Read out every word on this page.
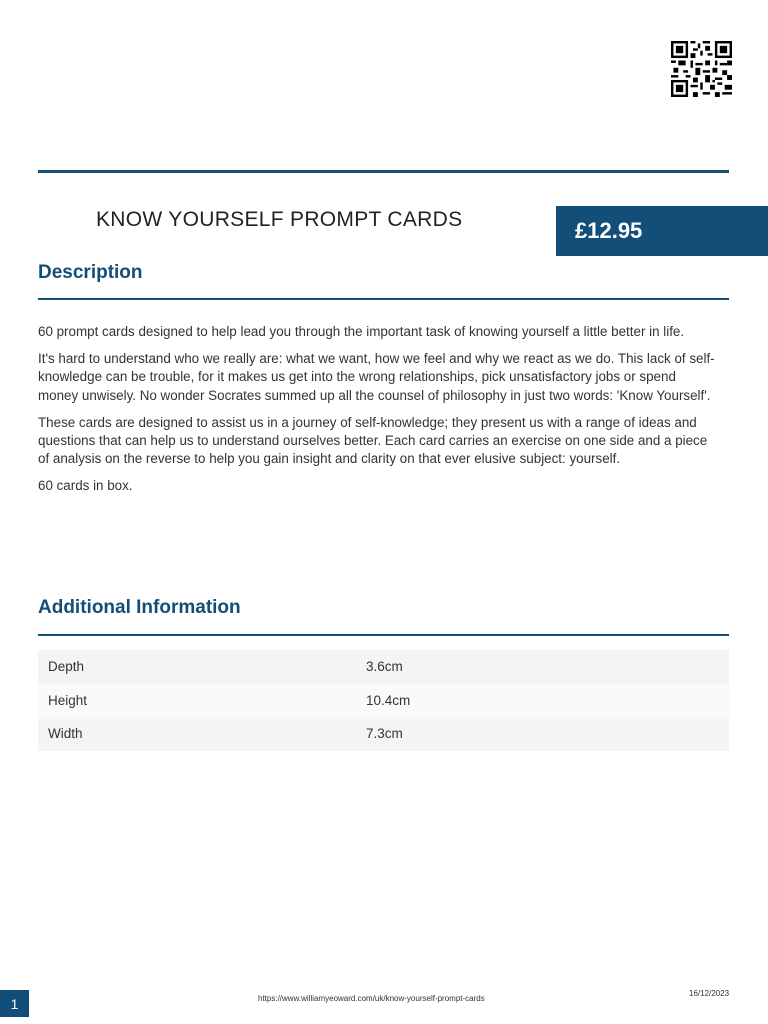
KNOW YOURSELF PROMPT CARDS	£12.95
Description

60 prompt cards designed to help lead you through the important task of knowing yourself a little better in life.

It's hard to understand who we really are: what we want, how we feel and why we react as we do. This lack of self-knowledge can be trouble, for it makes us get into the wrong relationships, pick unsatisfactory jobs or spend money unwisely. No wonder Socrates summed up all the counsel of philosophy in just two words: 'Know Yourself'.

These cards are designed to assist us in a journey of self-knowledge; they present us with a range of ideas and questions that can help us to understand ourselves better. Each card carries an exercise on one side and a piece of analysis on the reverse to help you gain insight and clarity on that ever elusive subject: yourself.

60 cards in box.

Additional Information
Depth	3.6cm
Height	10.4cm
Width	7.3cm
1	https://www.williamyeoward.com/uk/know-yourself-prompt-cards
16/12/2023
